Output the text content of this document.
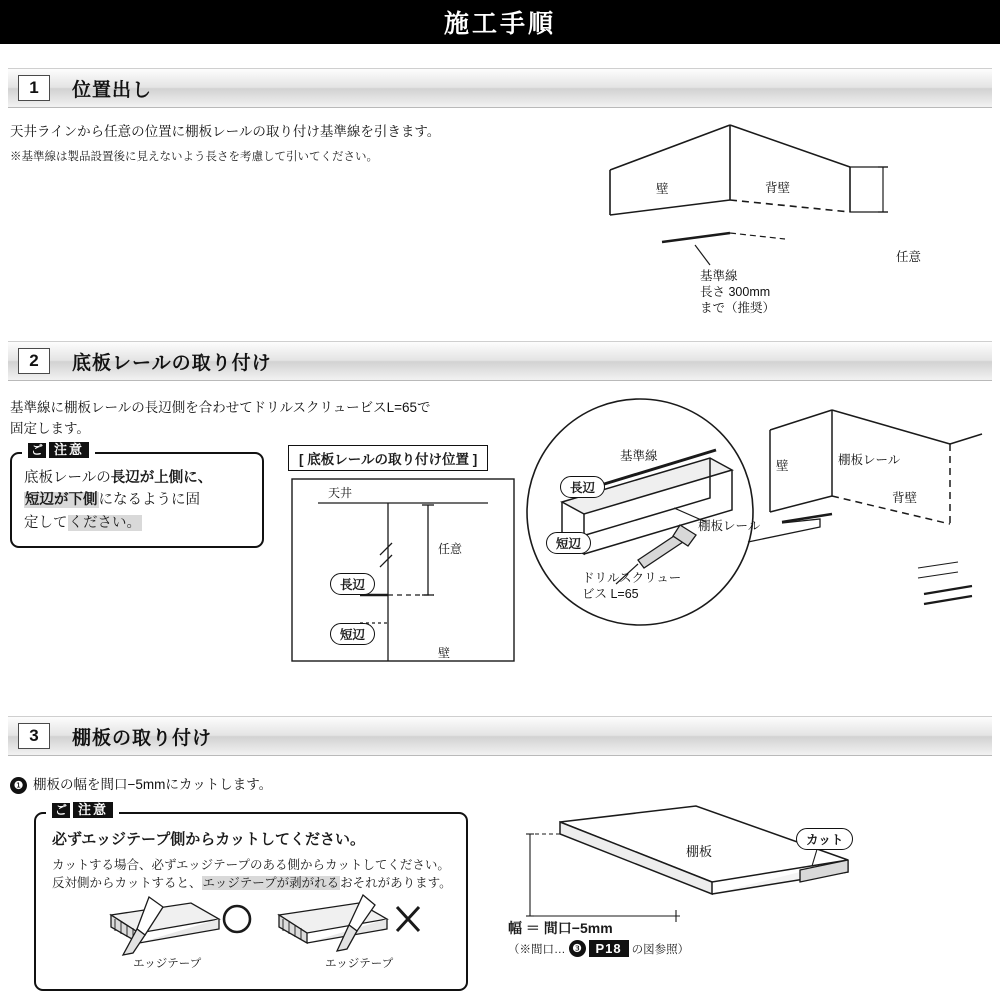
施工手順
1	位置出し
天井ラインから任意の位置に棚板レールの取り付け基準線を引きます。
※基準線は製品設置後に見えないよう長さを考慮して引いてください。
壁	背壁
任意
基準線
長さ 300mm
まで（推奨）
2	底板レールの取り付け
基準線に棚板レールの長辺側を合わせてドリルスクリュービスL=65で
固定します。
ご 注意
底板レールの長辺が上側に、
短辺が下側になるように固
定してください。
[ 底板レールの取り付け位置 ]
天井
任意
壁
長辺
短辺
基準線
棚板レール
ドリルスクリュー
ビス L=65
壁	棚板レール
背壁
長辺
短辺
3	棚板の取り付け
❶ 棚板の幅を間口−5mmにカットします。
ご 注意
必ずエッジテープ側からカットしてください。
カットする場合、必ずエッジテープのある側からカットしてください。
反対側からカットすると、エッジテープが剥がれるおそれがあります。
エッジテープ	エッジテープ
棚板
カット
幅 ＝ 間口−5mm
（※間口… ❸	P18 の図参照）
